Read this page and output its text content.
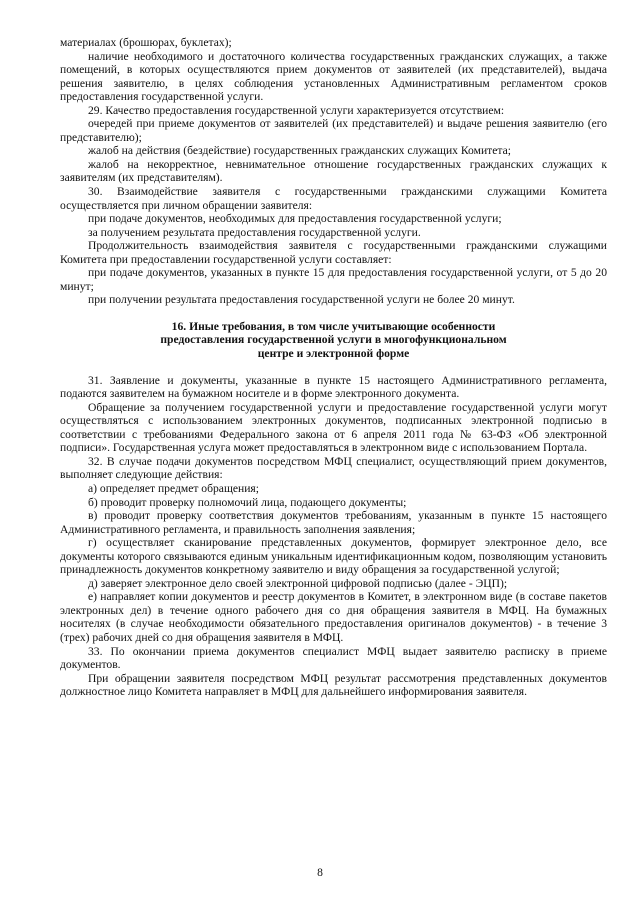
материалах (брошюрах, буклетах);

наличие необходимого и достаточного количества государственных гражданских служащих, а также помещений, в которых осуществляются прием документов от заявителей (их представителей), выдача решения заявителю, в целях соблюдения установленных Административным регламентом сроков предоставления государственной услуги.

29. Качество предоставления государственной услуги характеризуется отсутствием:

очередей при приеме документов от заявителей (их представителей) и выдаче решения заявителю (его представителю);

жалоб на действия (бездействие) государственных гражданских служащих Комитета;

жалоб на некорректное, невнимательное отношение государственных гражданских служащих к заявителям (их представителям).

30. Взаимодействие заявителя с государственными гражданскими служащими Комитета осуществляется при личном обращении заявителя:

при подаче документов, необходимых для предоставления государственной услуги;

за получением результата предоставления государственной услуги.

Продолжительность взаимодействия заявителя с государственными гражданскими служащими Комитета при предоставлении государственной услуги составляет:

при подаче документов, указанных в пункте 15 для предоставления государственной услуги, от 5 до 20 минут;

при получении результата предоставления государственной услуги не более 20 минут.

16. Иные требования, в том числе учитывающие особенности
предоставления государственной услуги в многофункциональном
центре и электронной форме

31. Заявление и документы, указанные в пункте 15 настоящего Административного регламента, подаются заявителем на бумажном носителе и в форме электронного документа.

Обращение за получением государственной услуги и предоставление государственной услуги могут осуществляться с использованием электронных документов, подписанных электронной подписью в соответствии с требованиями Федерального закона от 6 апреля 2011 года № 63-ФЗ «Об электронной подписи». Государственная услуга может предоставляться в электронном виде с использованием Портала.

32. В случае подачи документов посредством МФЦ специалист, осуществляющий прием документов, выполняет следующие действия:

а) определяет предмет обращения;

б) проводит проверку полномочий лица, подающего документы;

в) проводит проверку соответствия документов требованиям, указанным в пункте 15 настоящего Административного регламента, и правильность заполнения заявления;

г) осуществляет сканирование представленных документов, формирует электронное дело, все документы которого связываются единым уникальным идентификационным кодом, позволяющим установить принадлежность документов конкретному заявителю и виду обращения за государственной услугой;

д) заверяет электронное дело своей электронной цифровой подписью (далее - ЭЦП);

е) направляет копии документов и реестр документов в Комитет, в электронном виде (в составе пакетов электронных дел) в течение одного рабочего дня со дня обращения заявителя в МФЦ. На бумажных носителях (в случае необходимости обязательного предоставления оригиналов документов) - в течение 3 (трех) рабочих дней со дня обращения заявителя в МФЦ.

33. По окончании приема документов специалист МФЦ выдает заявителю расписку в приеме документов.

При обращении заявителя посредством МФЦ результат рассмотрения представленных документов должностное лицо Комитета направляет в МФЦ для дальнейшего информирования заявителя.

8
